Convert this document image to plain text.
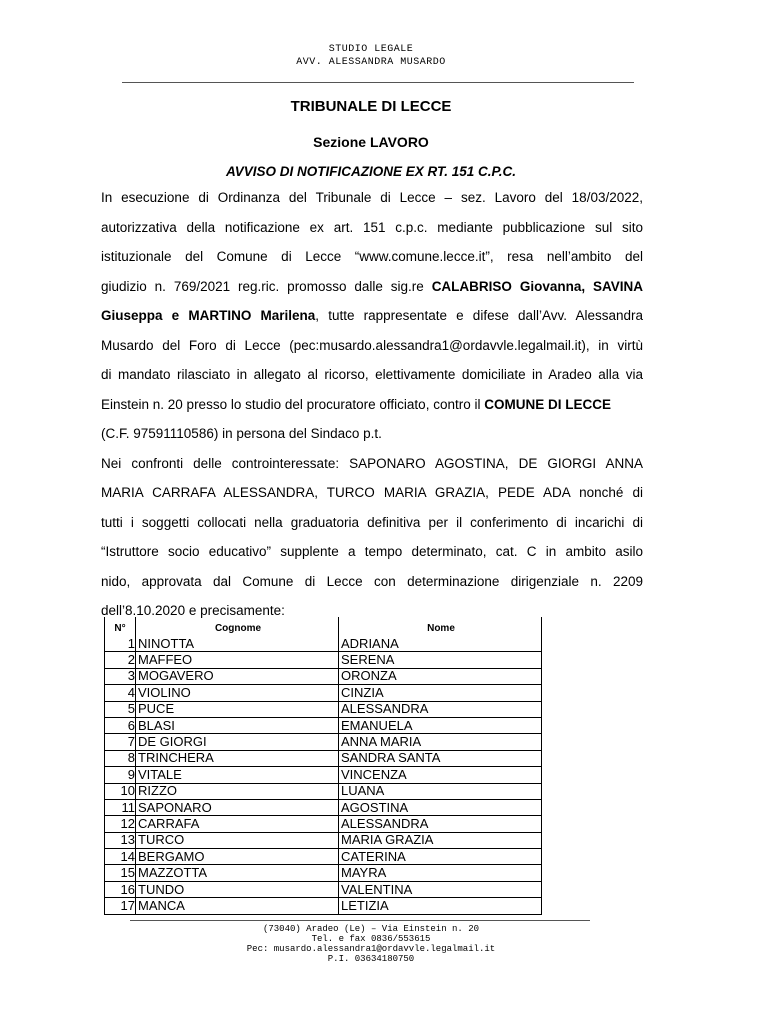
STUDIO LEGALE
AVV. ALESSANDRA MUSARDO
TRIBUNALE DI LECCE
Sezione LAVORO
AVVISO DI NOTIFICAZIONE EX RT. 151 C.P.C.
In esecuzione di Ordinanza del Tribunale di Lecce – sez. Lavoro del 18/03/2022,
autorizzativa della notificazione ex art. 151 c.p.c. mediante pubblicazione sul sito
istituzionale del Comune di Lecce “www.comune.lecce.it”, resa nell’ambito del
giudizio n. 769/2021 reg.ric. promosso dalle sig.re CALABRISO Giovanna, SAVINA
Giuseppa e MARTINO Marilena, tutte rappresentate e difese dall’Avv. Alessandra
Musardo del Foro di Lecce (pec:musardo.alessandra1@ordavvle.legalmail.it), in virtù
di mandato rilasciato in allegato al ricorso, elettivamente domiciliate in Aradeo alla via
Einstein n. 20 presso lo studio del procuratore officiato, contro il COMUNE DI LECCE
(C.F. 97591110586) in persona del Sindaco p.t.
Nei confronti delle controinteressate: SAPONARO AGOSTINA, DE GIORGI ANNA
MARIA CARRAFA ALESSANDRA, TURCO MARIA GRAZIA, PEDE ADA nonché di
tutti i soggetti collocati nella graduatoria definitiva per il conferimento di incarichi di
“Istruttore socio educativo” supplente a tempo determinato, cat. C in ambito asilo
nido, approvata dal Comune di Lecce con determinazione dirigenziale n. 2209
dell’8.10.2020 e precisamente:
N°	Cognome	Nome
1	NINOTTA	ADRIANA
2	MAFFEO	SERENA
3	MOGAVERO	ORONZA
4	VIOLINO	CINZIA
5	PUCE	ALESSANDRA
6	BLASI	EMANUELA
7	DE GIORGI	ANNA MARIA
8	TRINCHERA	SANDRA SANTA
9	VITALE	VINCENZA
10	RIZZO	LUANA
11	SAPONARO	AGOSTINA
12	CARRAFA	ALESSANDRA
13	TURCO	MARIA GRAZIA
14	BERGAMO	CATERINA
15	MAZZOTTA	MAYRA
16	TUNDO	VALENTINA
17	MANCA	LETIZIA
(73040) Aradeo (Le) – Via Einstein n. 20
Tel. e fax 0836/553615
Pec: musardo.alessandra1@ordavvle.legalmail.it
P.I. 03634180750
